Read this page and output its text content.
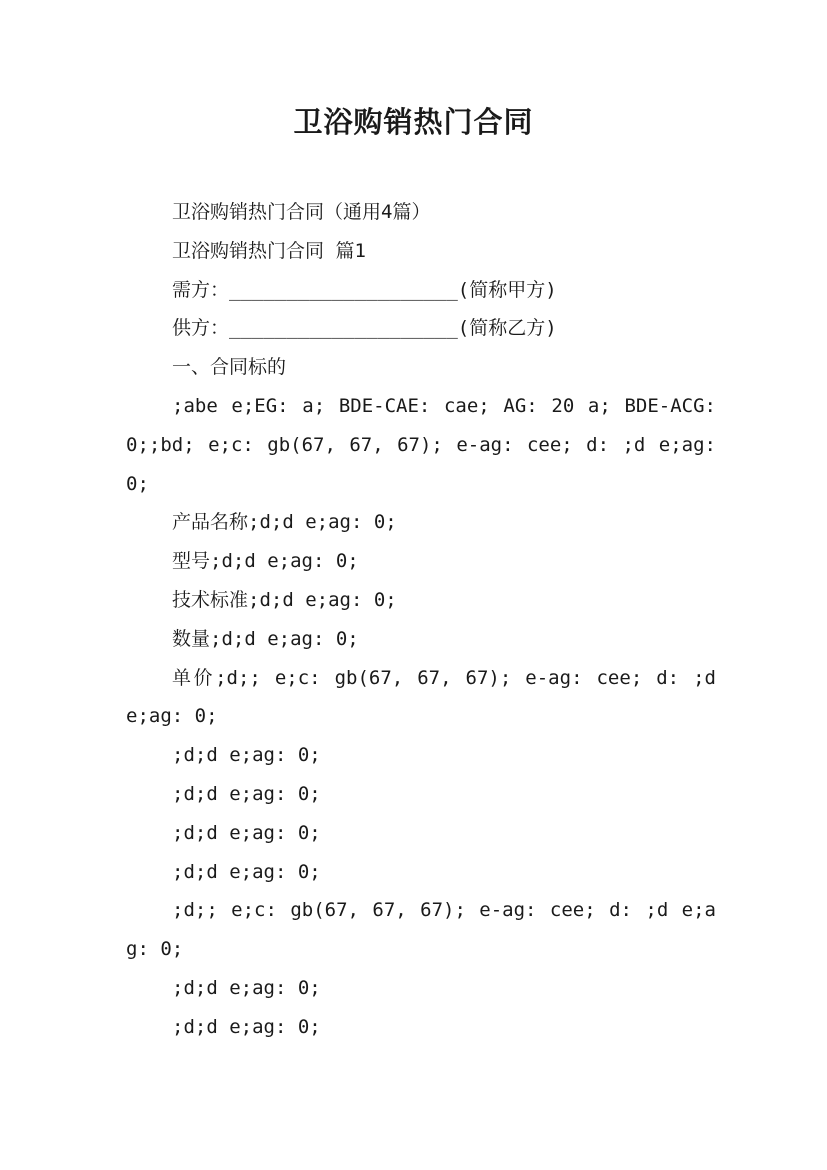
卫浴购销热门合同

卫浴购销热门合同（通用4篇）

卫浴购销热门合同 篇1

需方：____________________(简称甲方)

供方：____________________(简称乙方)

一、合同标的

;abe e;EG: a; BDE-CAE: cae; AG: 20 a; BDE-ACG: 0;;bd; e;c: gb(67, 67, 67); e-ag: cee; d: ;d e;ag: 0;

产品名称;d;d e;ag: 0;

型号;d;d e;ag: 0;

技术标准;d;d e;ag: 0;

数量;d;d e;ag: 0;

单价;d;; e;c: gb(67, 67, 67); e-ag: cee; d: ;d e;ag: 0;

;d;d e;ag: 0;

;d;d e;ag: 0;

;d;d e;ag: 0;

;d;d e;ag: 0;

;d;; e;c: gb(67, 67, 67); e-ag: cee; d: ;d e;ag: 0;

;d;d e;ag: 0;

;d;d e;ag: 0;
